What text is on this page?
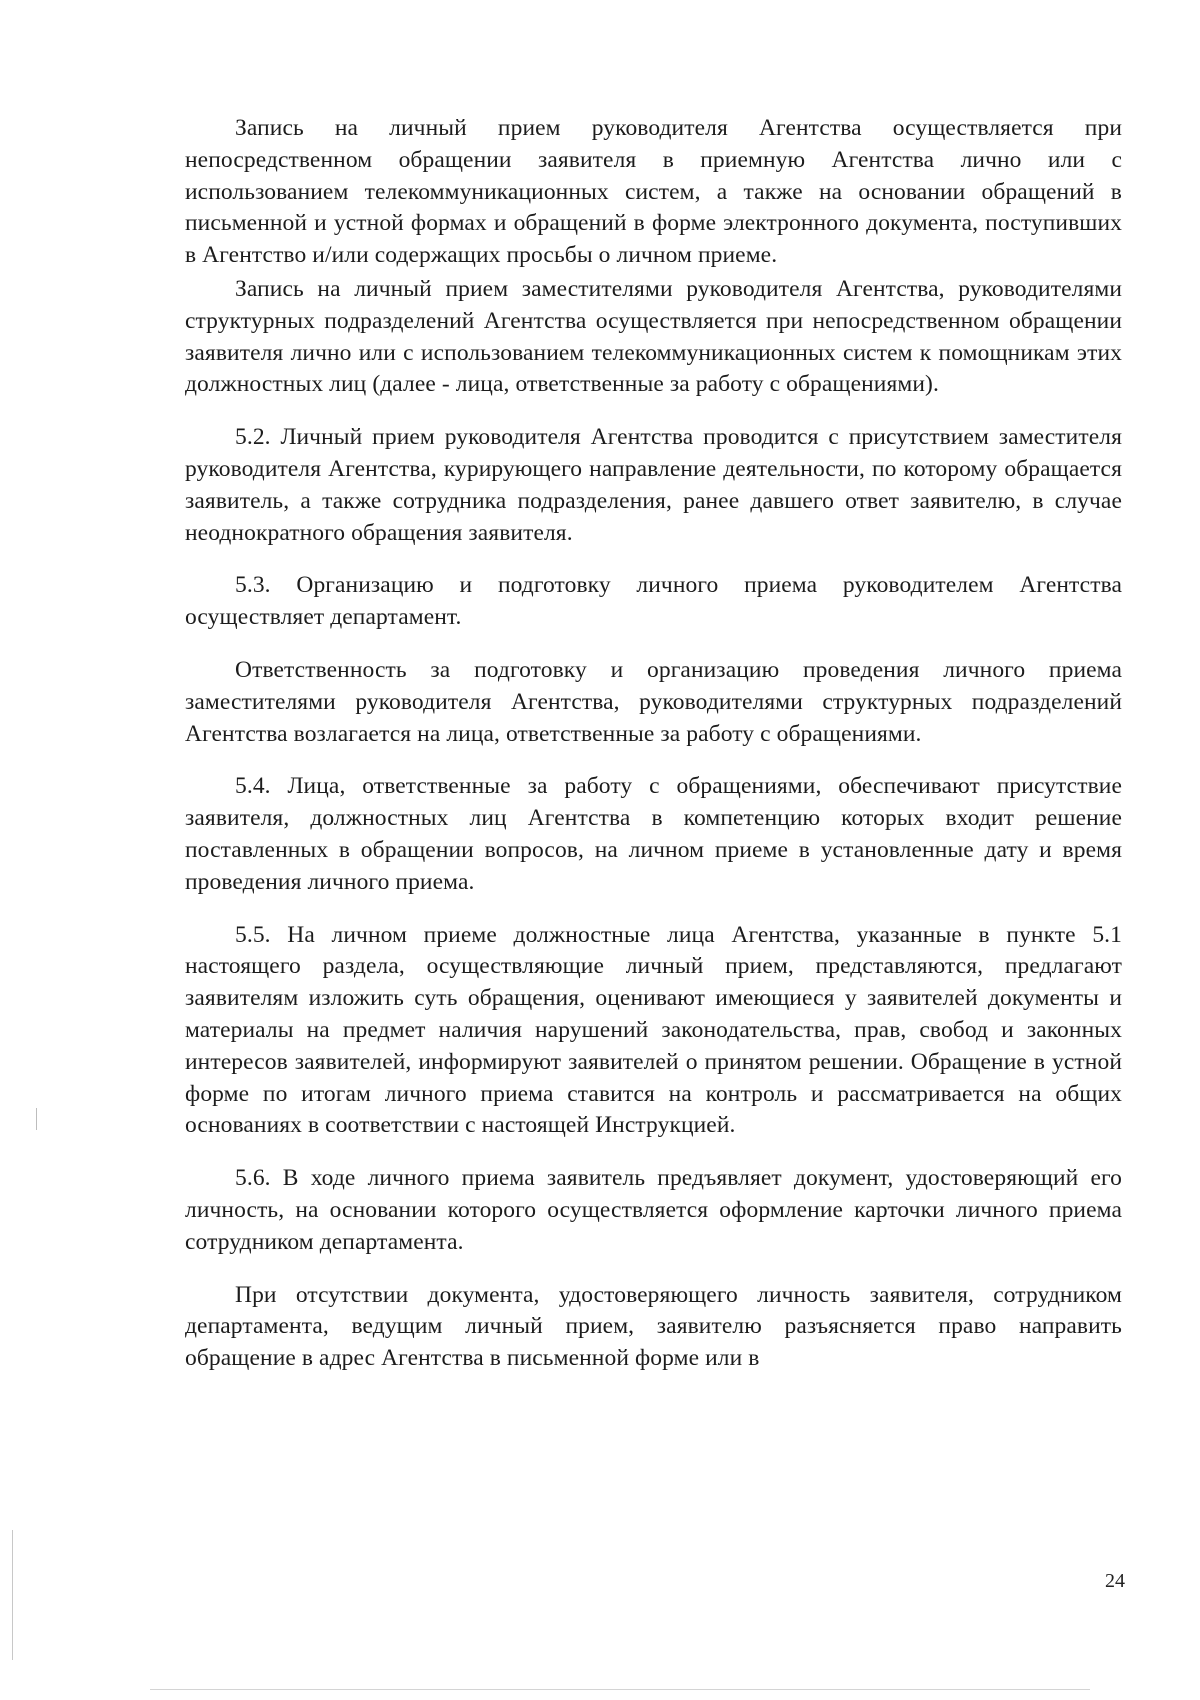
Запись на личный прием руководителя Агентства осуществляется при непосредственном обращении заявителя в приемную Агентства лично или с использованием телекоммуникационных систем, а также на основании обращений в письменной и устной формах и обращений в форме электронного документа, поступивших в Агентство и/или содержащих просьбы о личном приеме.

Запись на личный прием заместителями руководителя Агентства, руководителями структурных подразделений Агентства осуществляется при непосредственном обращении заявителя лично или с использованием телекоммуникационных систем к помощникам этих должностных лиц (далее - лица, ответственные за работу с обращениями).

5.2. Личный прием руководителя Агентства проводится с присутствием заместителя руководителя Агентства, курирующего направление деятельности, по которому обращается заявитель, а также сотрудника подразделения, ранее давшего ответ заявителю, в случае неоднократного обращения заявителя.

5.3. Организацию и подготовку личного приема руководителем Агентства осуществляет департамент.

Ответственность за подготовку и организацию проведения личного приема заместителями руководителя Агентства, руководителями структурных подразделений Агентства возлагается на лица, ответственные за работу с обращениями.

5.4. Лица, ответственные за работу с обращениями, обеспечивают присутствие заявителя, должностных лиц Агентства в компетенцию которых входит решение поставленных в обращении вопросов, на личном приеме в установленные дату и время проведения личного приема.

5.5. На личном приеме должностные лица Агентства, указанные в пункте 5.1 настоящего раздела, осуществляющие личный прием, представляются, предлагают заявителям изложить суть обращения, оценивают имеющиеся у заявителей документы и материалы на предмет наличия нарушений законодательства, прав, свобод и законных интересов заявителей, информируют заявителей о принятом решении. Обращение в устной форме по итогам личного приема ставится на контроль и рассматривается на общих основаниях в соответствии с настоящей Инструкцией.

5.6. В ходе личного приема заявитель предъявляет документ, удостоверяющий его личность, на основании которого осуществляется оформление карточки личного приема сотрудником департамента.

При отсутствии документа, удостоверяющего личность заявителя, сотрудником департамента, ведущим личный прием, заявителю разъясняется право направить обращение в адрес Агентства в письменной форме или в

24
